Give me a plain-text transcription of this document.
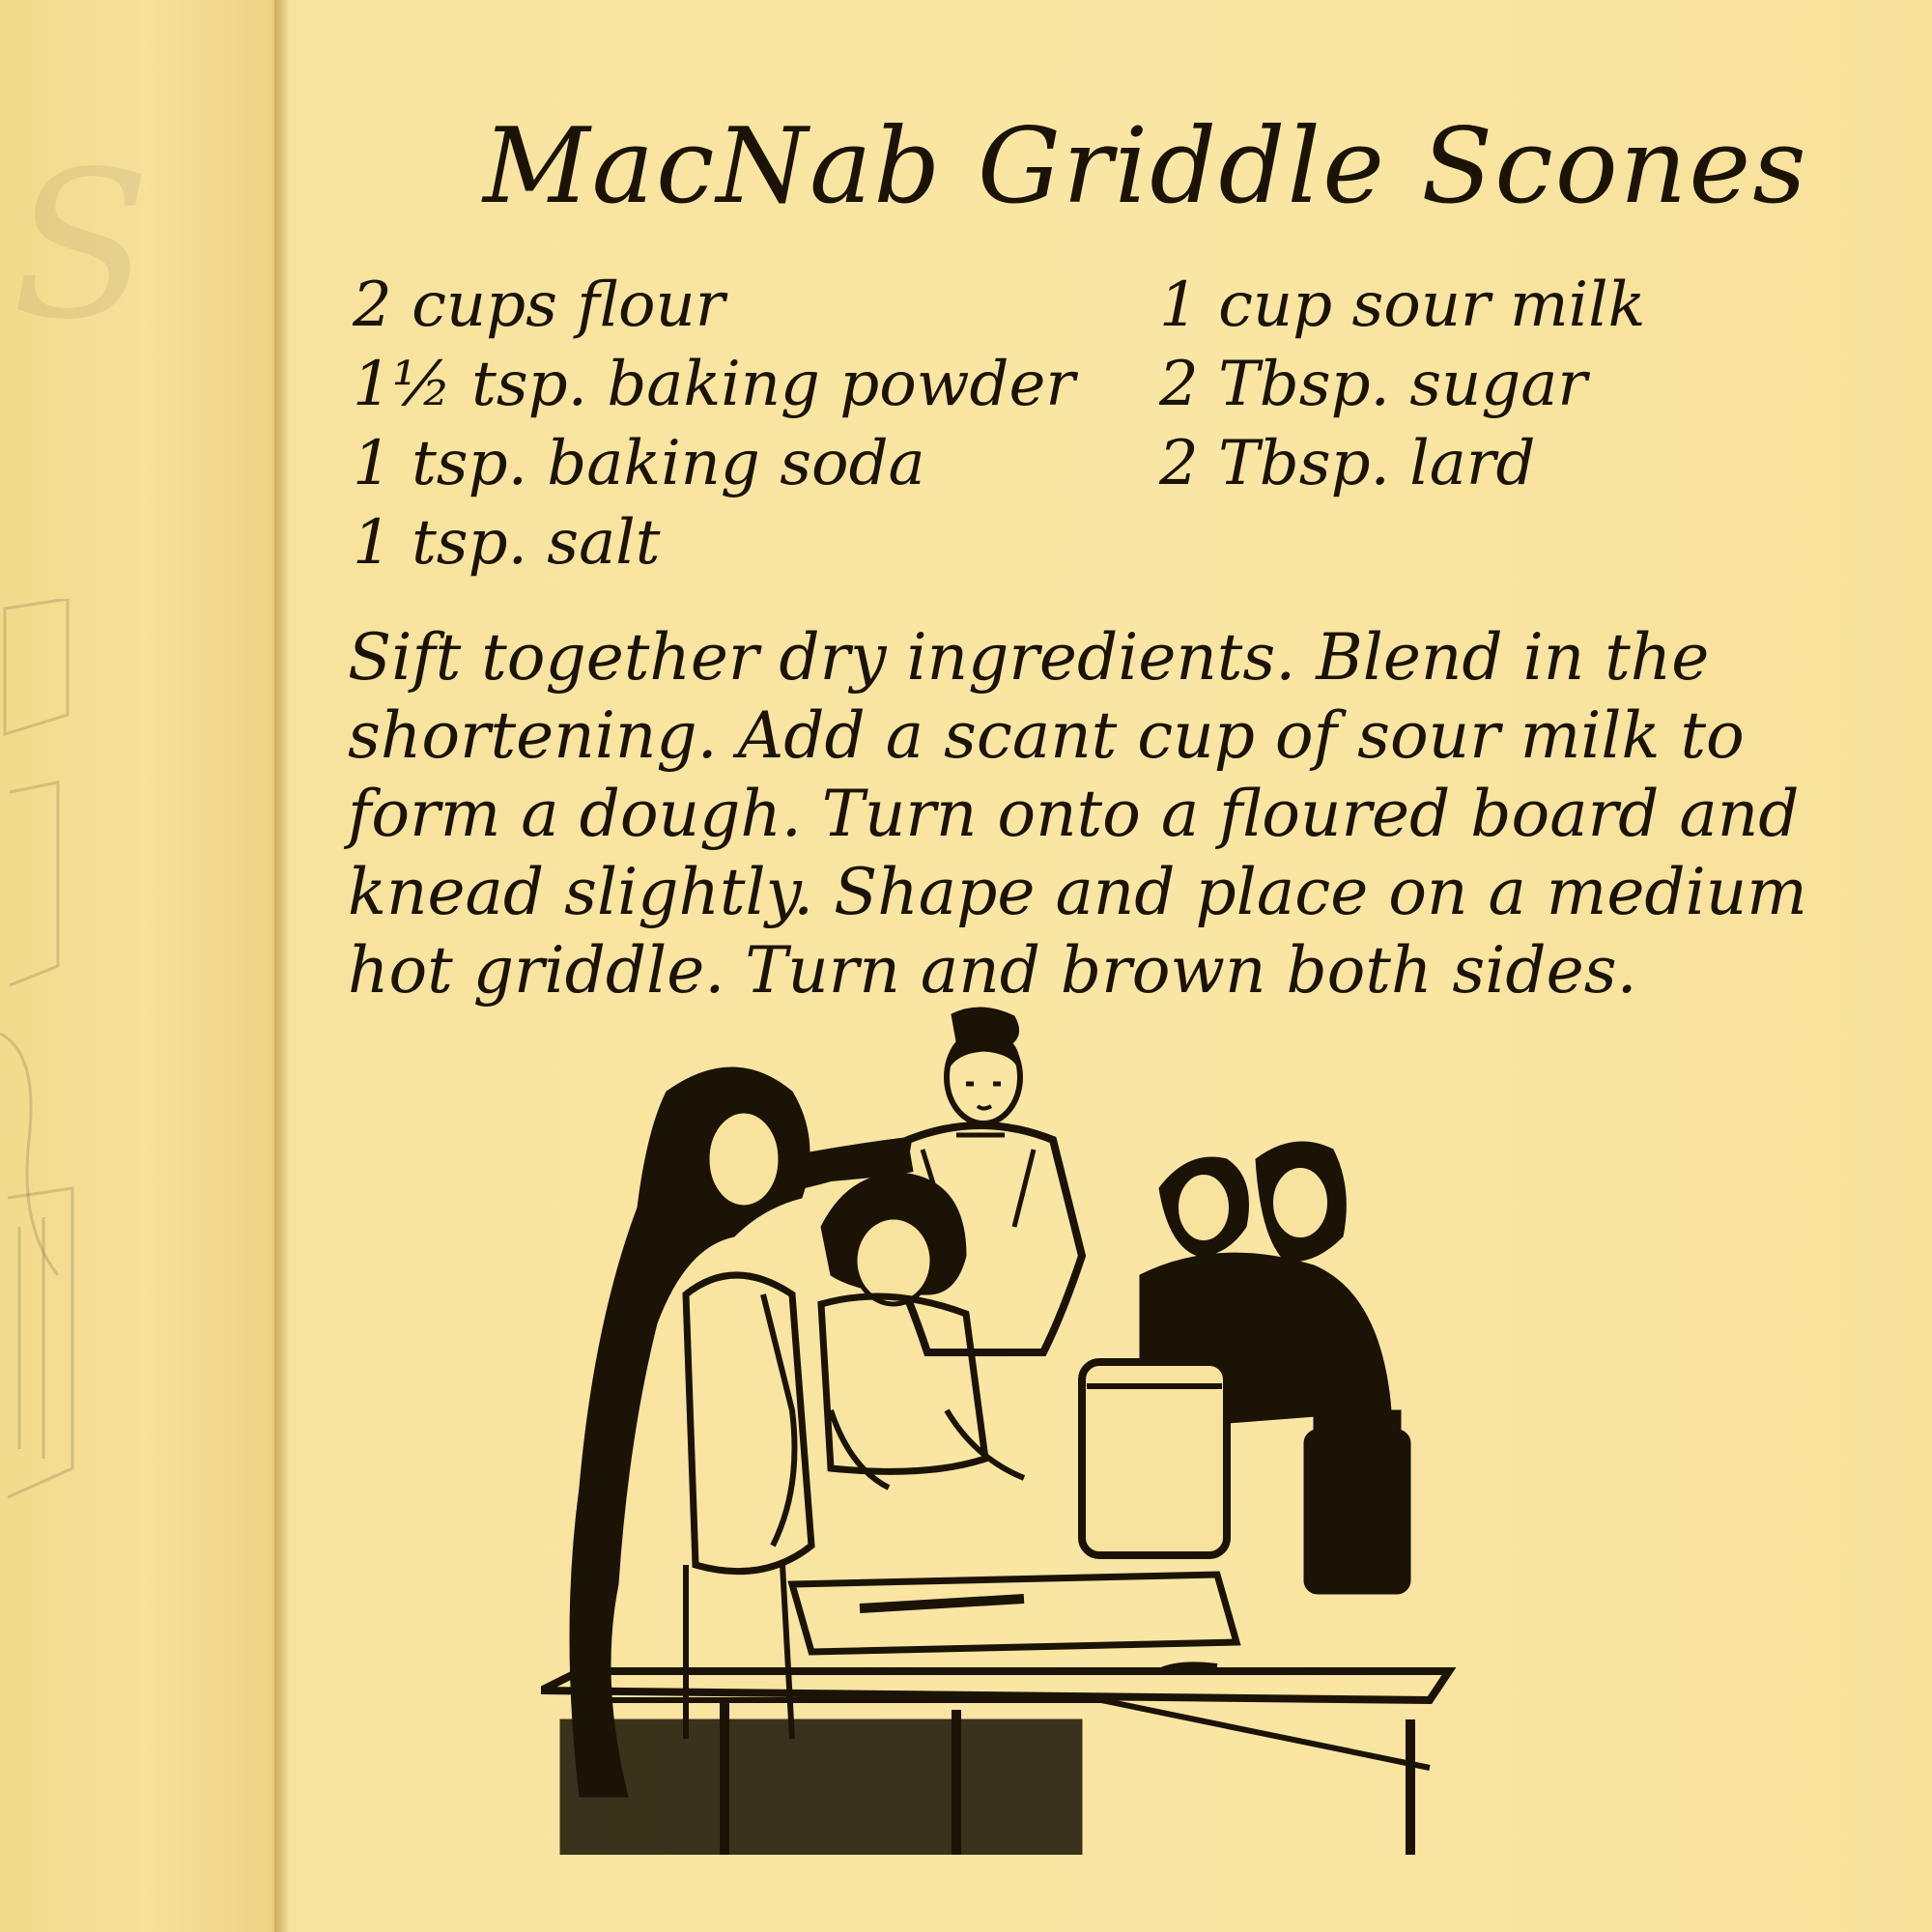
S	MacNab Griddle Scones
2 cups flour
1½ tsp. baking powder
1 tsp. baking soda
1 tsp. salt
1 cup sour milk
2 Tbsp. sugar
2 Tbsp. lard
Sift together dry ingredients. Blend in the
shortening. Add a scant cup of sour milk to
form a dough. Turn onto a floured board and
knead slightly. Shape and place on a medium
hot griddle. Turn and brown both sides.
